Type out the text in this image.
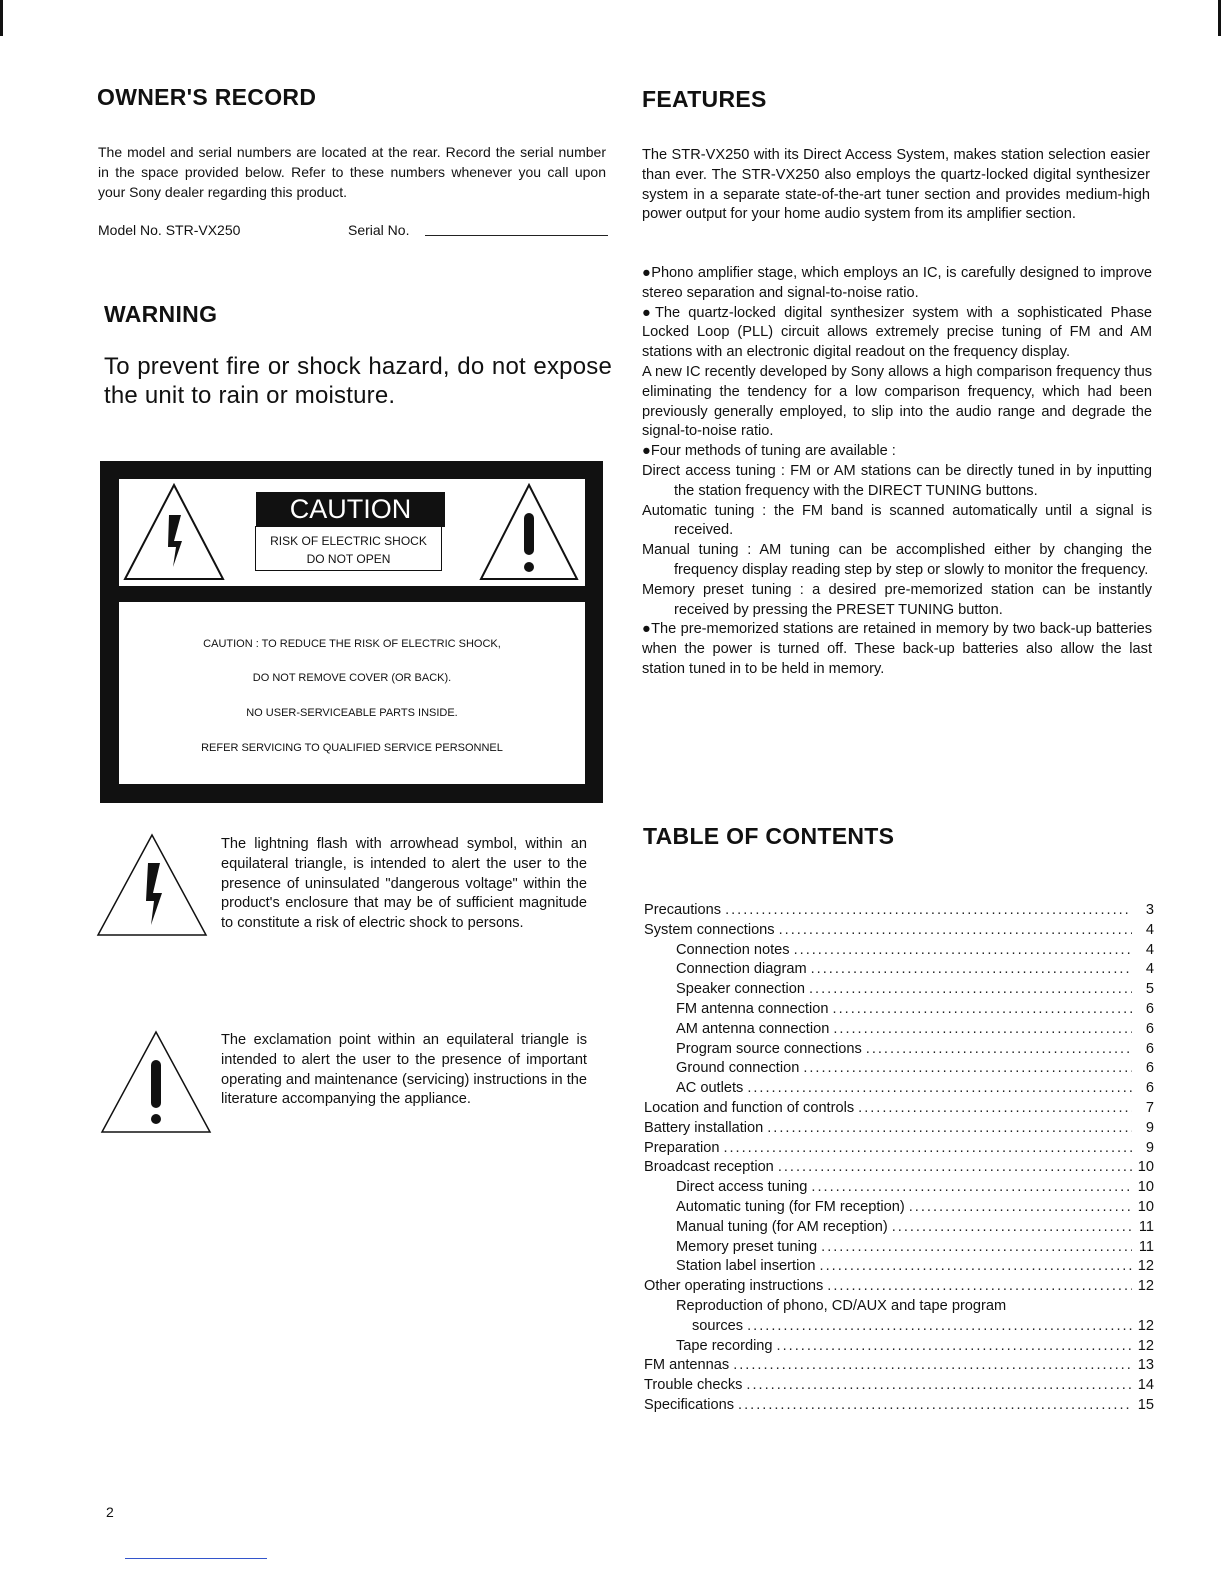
OWNER'S RECORD
The model and serial numbers are located at the rear. Record the serial number in the space provided below. Refer to these numbers whenever you call upon your Sony dealer regarding this product.
Model No. STR-VX250	Serial No.
WARNING
To prevent fire or shock hazard, do not expose the unit to rain or moisture.
CAUTION
RISK OF ELECTRIC SHOCK
DO NOT OPEN
CAUTION : TO REDUCE THE RISK OF ELECTRIC SHOCK,
DO NOT REMOVE COVER (OR BACK).
NO USER-SERVICEABLE PARTS INSIDE.
REFER SERVICING TO QUALIFIED SERVICE PERSONNEL
The lightning flash with arrowhead symbol, within an equilateral triangle, is intended to alert the user to the presence of uninsulated "dangerous voltage" within the product's enclosure that may be of sufficient magnitude to constitute a risk of electric shock to persons.
The exclamation point within an equilateral triangle is intended to alert the user to the presence of important operating and maintenance (servicing) instructions in the literature accompanying the appliance.
FEATURES
The STR-VX250 with its Direct Access System, makes station selection easier than ever. The STR-VX250 also employs the quartz-locked digital synthesizer system in a separate state-of-the-art tuner section and provides medium-high power output for your home audio system from its amplifier section.

●Phono amplifier stage, which employs an IC, is carefully designed to improve stereo separation and signal-to-noise ratio.

●The quartz-locked digital synthesizer system with a sophisticated Phase Locked Loop (PLL) circuit allows extremely precise tuning of FM and AM stations with an electronic digital readout on the frequency display.

A new IC recently developed by Sony allows a high comparison frequency thus eliminating the tendency for a low comparison frequency, which had been previously generally employed, to slip into the audio range and degrade the signal-to-noise ratio.

●Four methods of tuning are available :

Direct access tuning : FM or AM stations can be directly tuned in by inputting the station frequency with the DIRECT TUNING buttons.

Automatic tuning : the FM band is scanned automatically until a signal is received.

Manual tuning : AM tuning can be accomplished either by changing the frequency display reading step by step or slowly to monitor the frequency.

Memory preset tuning : a desired pre-memorized station can be instantly received by pressing the PRESET TUNING button.

●The pre-memorized stations are retained in memory by two back-up batteries when the power is turned off. These back-up batteries also allow the last station tuned in to be held in memory.

TABLE OF CONTENTS
Precautions .....	3
System connections .....	4
Connection notes .....	4
Connection diagram .....	4
Speaker connection .....	5
FM antenna connection .....	6
AM antenna connection .....	6
Program source connections .....	6
Ground connection .....	6
AC outlets .....	6
Location and function of controls .....	7
Battery installation .....	9
Preparation .....	9
Broadcast reception .....	10
Direct access tuning .....	10
Automatic tuning (for FM reception) .....	10
Manual tuning (for AM reception) .....	11
Memory preset tuning .....	11
Station label insertion .....	12
Other operating instructions .....	12
Reproduction of phono, CD/AUX and tape program
sources .....	12
Tape recording .....	12
FM antennas .....	13
Trouble checks .....	14
Specifications .....	15
2
